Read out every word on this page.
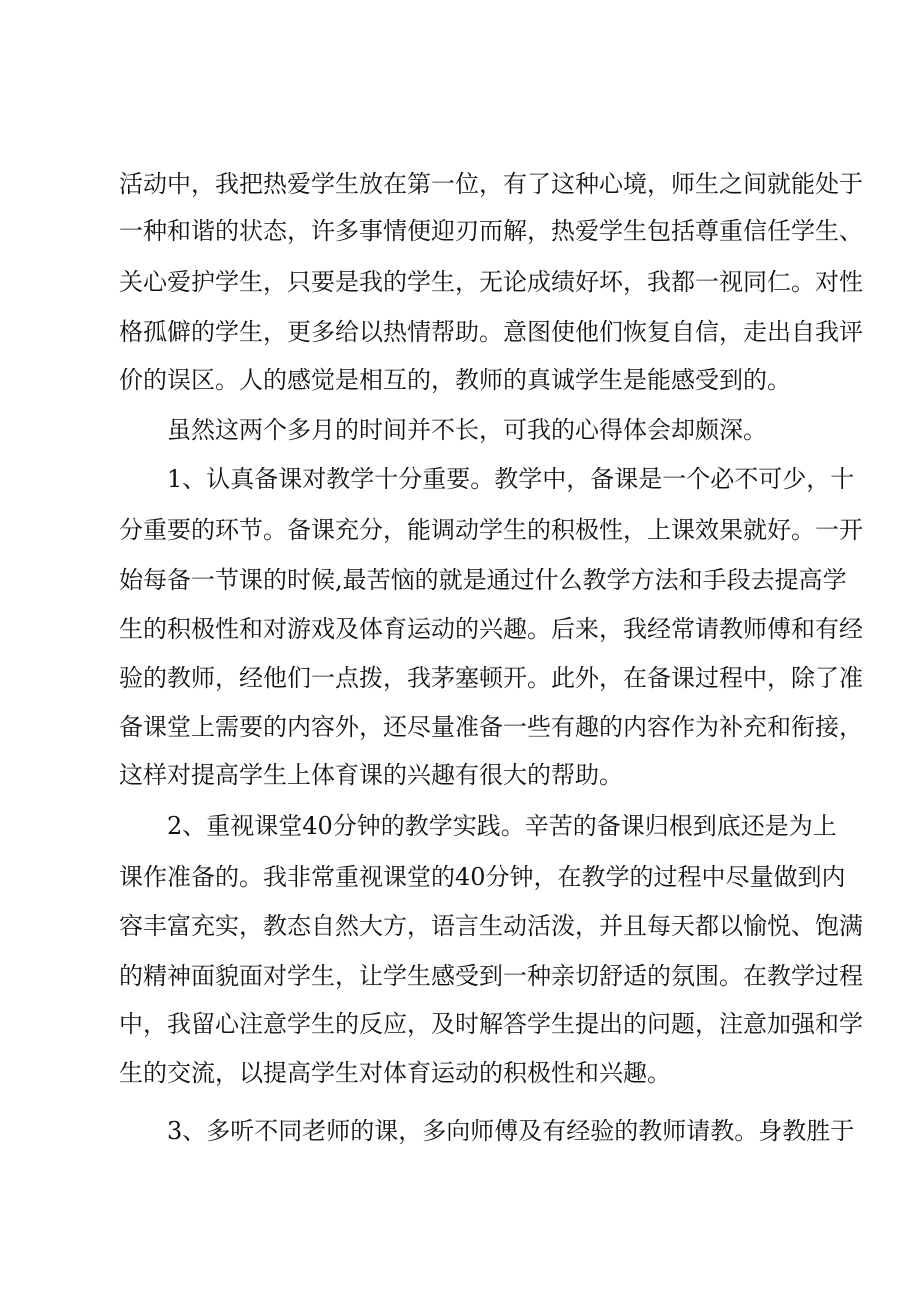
活动中，我把热爱学生放在第一位，有了这种心境，师生之间就能处于
一种和谐的状态，许多事情便迎刃而解，热爱学生包括尊重信任学生、
关心爱护学生，只要是我的学生，无论成绩好坏，我都一视同仁。对性
格孤僻的学生，更多给以热情帮助。意图使他们恢复自信，走出自我评
价的误区。人的感觉是相互的，教师的真诚学生是能感受到的。
虽然这两个多月的时间并不长，可我的心得体会却颇深。
1、认真备课对教学十分重要。教学中，备课是一个必不可少，十
分重要的环节。备课充分，能调动学生的积极性，上课效果就好。一开
始每备一节课的时候,最苦恼的就是通过什么教学方法和手段去提高学
生的积极性和对游戏及体育运动的兴趣。后来，我经常请教师傅和有经
验的教师，经他们一点拨，我茅塞顿开。此外，在备课过程中，除了准
备课堂上需要的内容外，还尽量准备一些有趣的内容作为补充和衔接，
这样对提高学生上体育课的兴趣有很大的帮助。
2、重视课堂40分钟的教学实践。辛苦的备课归根到底还是为上
课作准备的。我非常重视课堂的40分钟，在教学的过程中尽量做到内
容丰富充实，教态自然大方，语言生动活泼，并且每天都以愉悦、饱满
的精神面貌面对学生，让学生感受到一种亲切舒适的氛围。在教学过程
中，我留心注意学生的反应，及时解答学生提出的问题，注意加强和学
生的交流，以提高学生对体育运动的积极性和兴趣。
3、多听不同老师的课，多向师傅及有经验的教师请教。身教胜于
